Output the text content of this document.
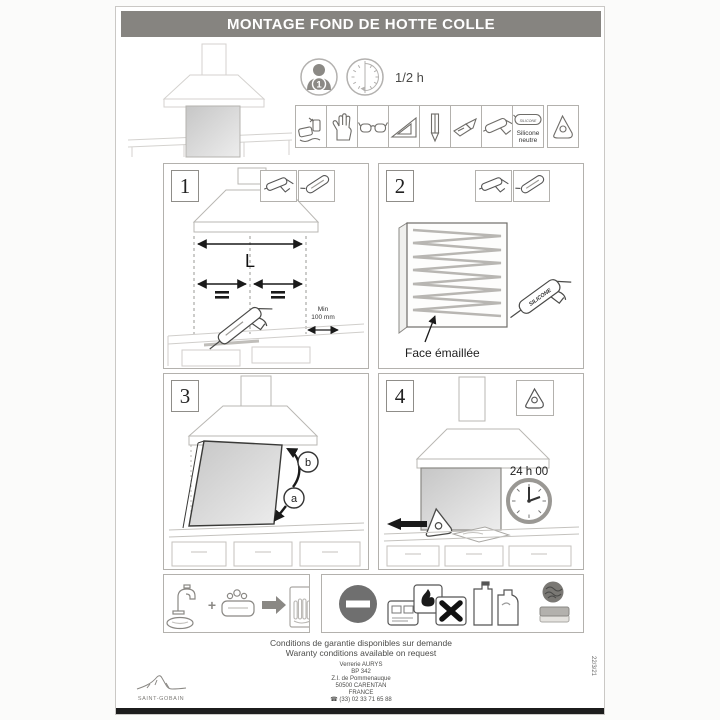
MONTAGE FOND DE HOTTE COLLE
1
1/2 h
SILICONE
Silicone
neutre
L
Min
100 mm
1
SILICONE
Face émaillée
2
b
a
3
24 h 00
4
+
Conditions de garantie disponibles sur demande
Waranty conditions available on request
Verrerie AURYS
BP 342
Z.I. de Pommenauque
50500 CARENTAN
FRANCE
☎ (33) 02 33 71 65 88
SAINT-GOBAIN
22/3/21
